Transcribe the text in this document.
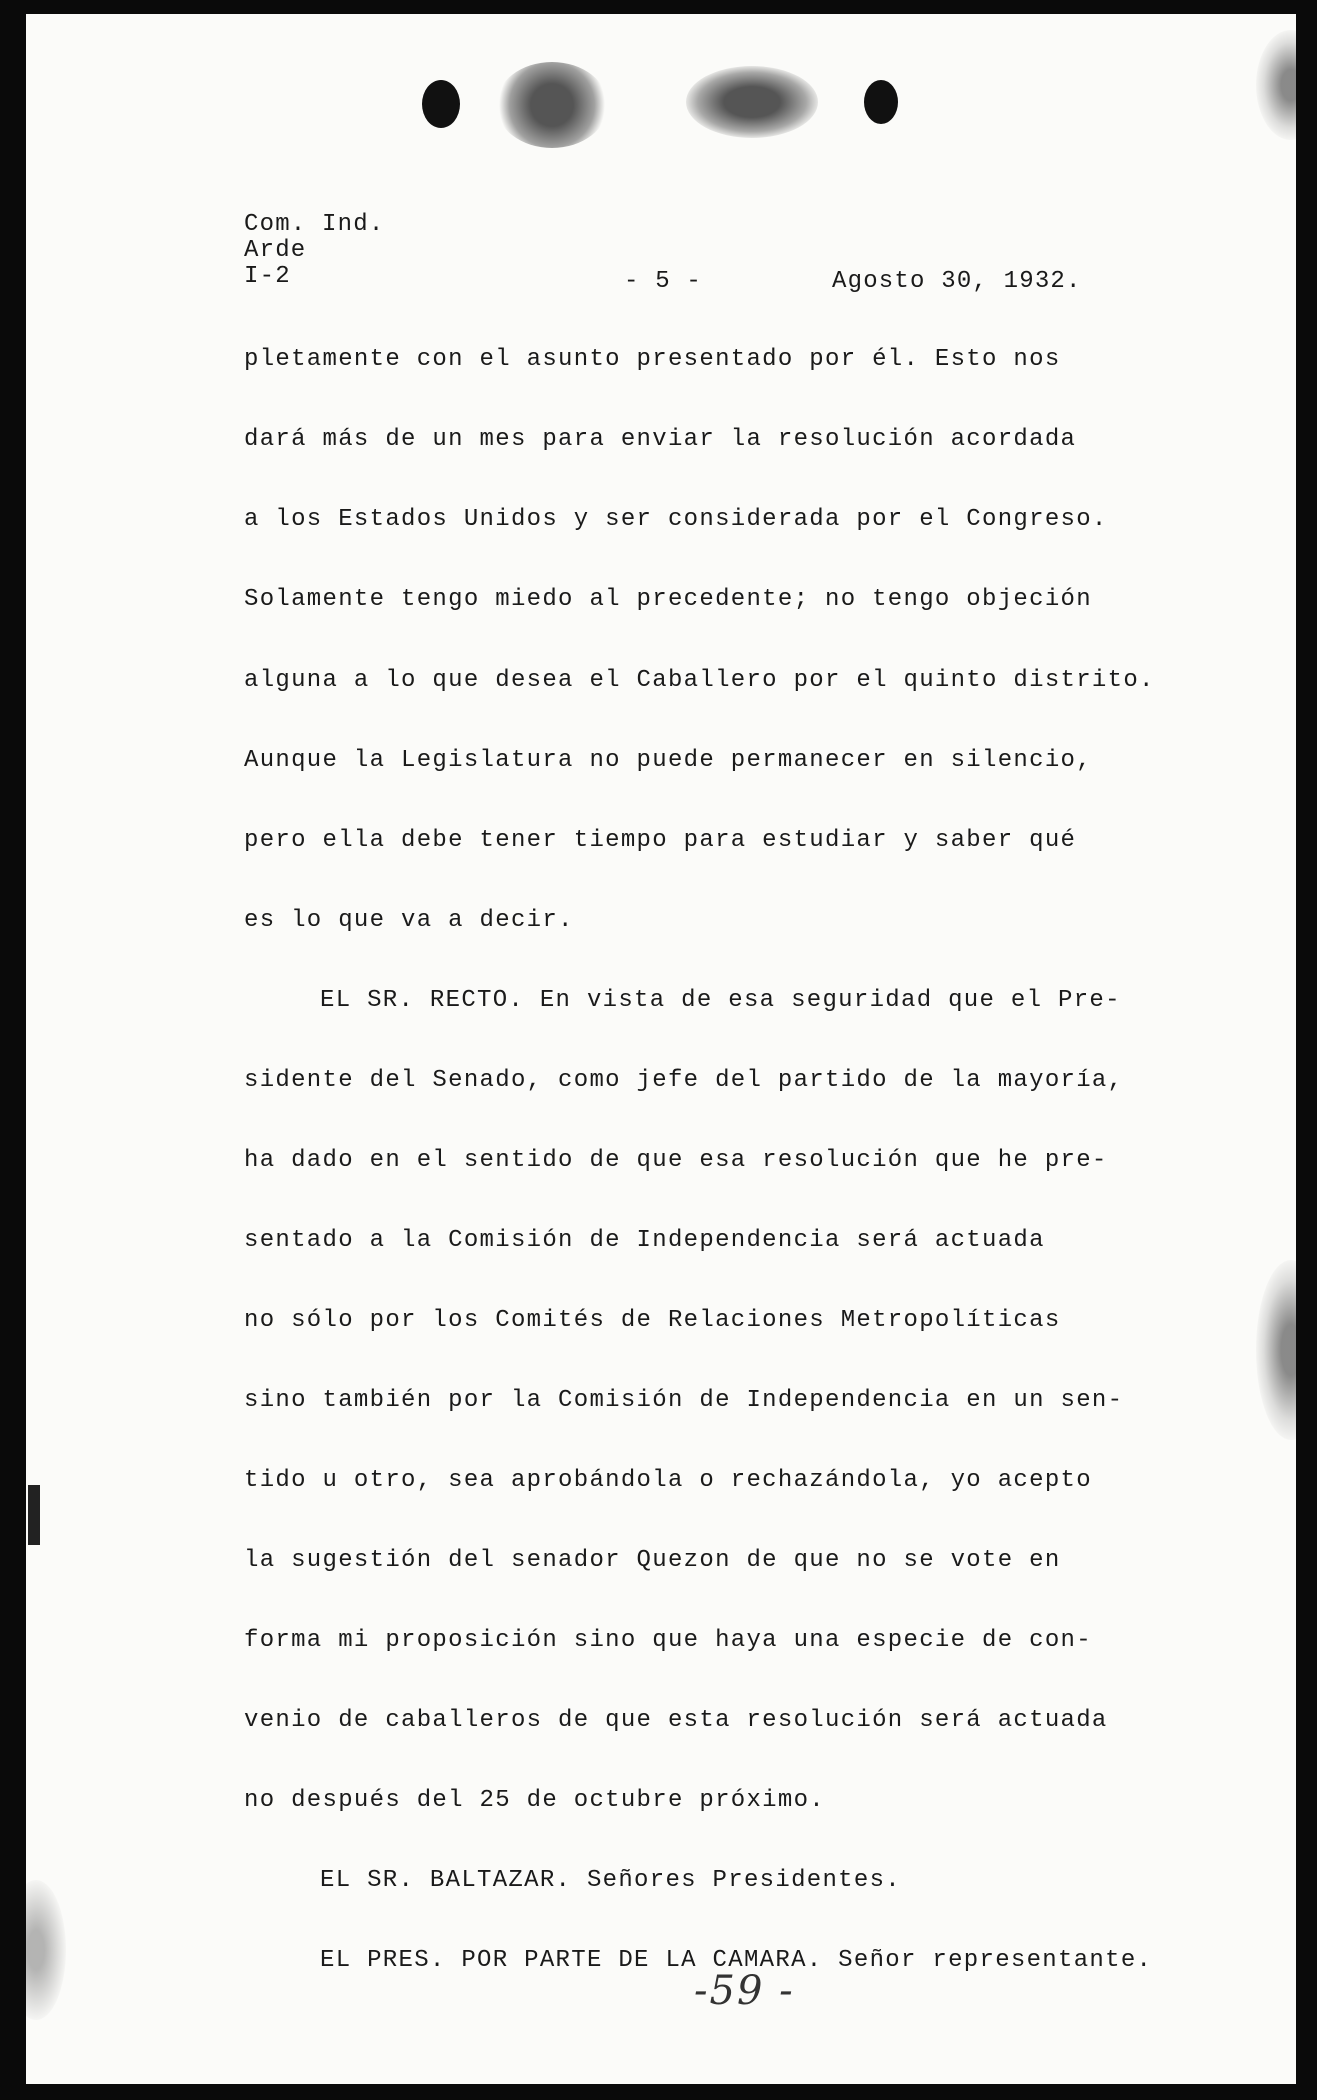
Com. Ind.
Arde
I-2	- 5 -	Agosto 30, 1932.
pletamente con el asunto presentado por él. Esto nos
dará más de un mes para enviar la resolución acordada
a los Estados Unidos y ser considerada por el Congreso.
Solamente tengo miedo al precedente; no tengo objeción
alguna a lo que desea el Caballero por el quinto distrito.
Aunque la Legislatura no puede permanecer en silencio,
pero ella debe tener tiempo para estudiar y saber qué
es lo que va a decir.
EL SR. RECTO. En vista de esa seguridad que el Pre-
sidente del Senado, como jefe del partido de la mayoría,
ha dado en el sentido de que esa resolución que he pre-
sentado a la Comisión de Independencia será actuada
no sólo por los Comités de Relaciones Metropolíticas
sino también por la Comisión de Independencia en un sen-
tido u otro, sea aprobándola o rechazándola, yo acepto
la sugestión del senador Quezon de que no se vote en
forma mi proposición sino que haya una especie de con-
venio de caballeros de que esta resolución será actuada
no después del 25 de octubre próximo.
EL SR. BALTAZAR. Señores Presidentes.
EL PRES. POR PARTE DE LA CAMARA. Señor representante.
-59 -
